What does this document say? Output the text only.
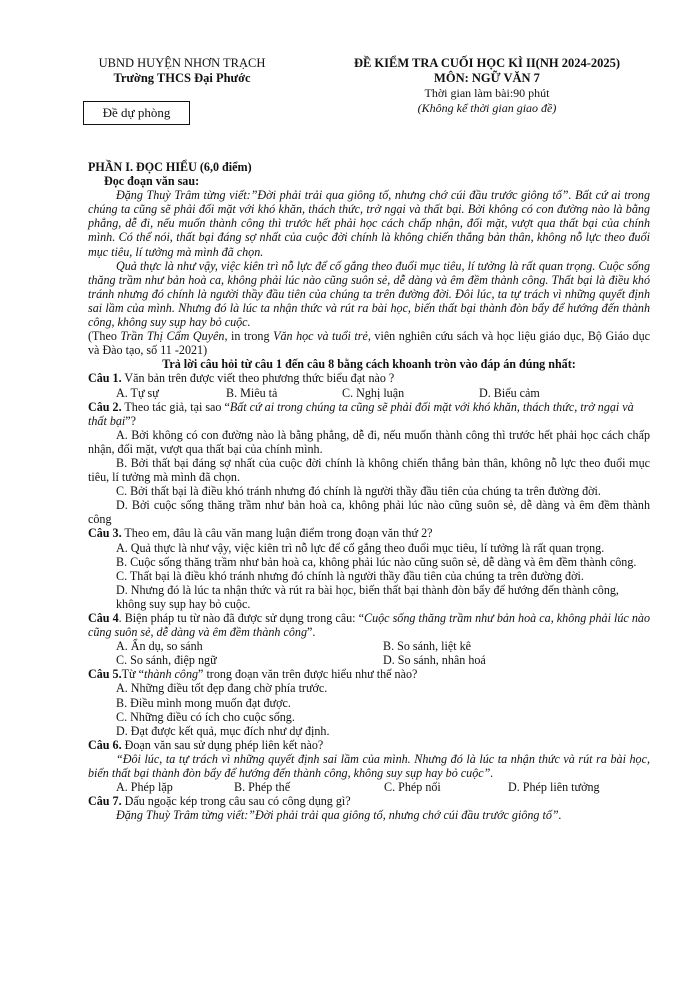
UBND HUYỆN NHƠN TRẠCH
Trường THCS Đại Phước
ĐỀ KIỂM TRA CUỐI HỌC KÌ II(NH 2024-2025)
MÔN: NGỮ VĂN 7
Thời gian làm bài:90 phút
(Không kể thời gian giao đề)
Đề dự phòng

PHẦN I. ĐỌC HIỂU (6,0 điểm)

Đọc đoạn văn sau:

Đặng Thuỳ Trâm từng viết:”Đời phải trải qua giông tố, nhưng chớ cúi đầu trước giông tố”. Bất cứ ai trong chúng ta cũng sẽ phải đối mặt với khó khăn, thách thức, trở ngại và thất bại. Bởi không có con đường nào là bằng phẳng, dễ đi, nếu muốn thành công thì trước hết phải học cách chấp nhận, đối mặt, vượt qua thất bại của chính mình. Có thể nói, thất bại đáng sợ nhất của cuộc đời chính là không chiến thắng bản thân, không nỗ lực theo đuổi mục tiêu, lí tưởng mà mình đã chọn.

Quả thực là như vậy, việc kiên trì nỗ lực để cố gắng theo đuổi mục tiêu, lí tưởng là rất quan trọng. Cuộc sống thăng trầm như bản hoà ca, không phải lúc nào cũng suôn sẻ, dễ dàng và êm đềm thành công. Thất bại là điều khó tránh nhưng đó chính là người thầy đầu tiên của chúng ta trên đường đời. Đôi lúc, ta tự trách vì những quyết định sai lầm của mình. Nhưng đó là lúc ta nhận thức và rút ra bài học, biến thất bại thành đòn bẩy để hướng đến thành công, không suy sụp hay bỏ cuộc.

(Theo Trần Thị Cẩm Quyên, in trong Văn học và tuổi trẻ, viên nghiên cứu sách và học liệu giáo dục, Bộ Giáo dục và Đào tạo, số 11 -2021)

Trả lời câu hỏi từ câu 1 đến câu 8 bằng cách khoanh tròn vào đáp án đúng nhất:

Câu 1. Văn bản trên được viết theo phương thức biểu đạt nào ?

A. Tự sự	B. Miêu tả	C. Nghị luận	D. Biểu cảm

Câu 2. Theo tác giả, tại sao “Bất cứ ai trong chúng ta cũng sẽ phải đối mặt với khó khăn, thách thức, trở ngại và thất bại”?

A. Bởi không có con đường nào là bằng phẳng, dễ đi, nếu muốn thành công thì trước hết phải học cách chấp nhận, đối mặt, vượt qua thất bại của chính mình.

B. Bởi thất bại đáng sợ nhất của cuộc đời chính là không chiến thắng bản thân, không nỗ lực theo đuổi mục tiêu, lí tưởng mà mình đã chọn.

C. Bởi thất bại là điều khó tránh nhưng đó chính là người thầy đầu tiên của chúng ta trên đường đời.

D. Bởi cuộc sống thăng trầm như bản hoà ca, không phải lúc nào cũng suôn sẻ, dễ dàng và êm đềm thành công

Câu 3. Theo em, đâu là câu văn mang luận điểm trong đoạn văn thứ 2?

A. Quả thực là như vậy, việc kiên trì nỗ lực để cố gắng theo đuổi mục tiêu, lí tưởng là rất quan trọng.

B. Cuộc sống thăng trầm như bản hoà ca, không phải lúc nào cũng suôn sẻ, dễ dàng và êm đềm thành công.

C. Thất bại là điều khó tránh nhưng đó chính là người thầy đầu tiên của chúng ta trên đường đời.

D. Nhưng đó là lúc ta nhận thức và rút ra bài học, biến thất bại thành đòn bẩy để hướng đến thành công, không suy sụp hay bỏ cuộc.

Câu 4. Biện pháp tu từ nào đã được sử dụng trong câu: “Cuộc sống thăng trầm như bản hoà ca, không phải lúc nào cũng suôn sẻ, dễ dàng và êm đềm thành công”.

A. Ẩn dụ, so sánh	B. So sánh, liệt kê
C. So sánh, điệp ngữ	D. So sánh, nhân hoá

Câu 5.Từ “thành công” trong đoạn văn trên được hiểu như thế nào?

A. Những điều tốt đẹp đang chờ phía trước.

B. Điều mình mong muốn đạt được.

C. Những điều có ích cho cuộc sống.

D. Đạt được kết quả, mục đích như dự định.

Câu 6. Đoạn văn sau sử dụng phép liên kết nào?

“Đôi lúc, ta tự trách vì những quyết định sai lầm của mình. Nhưng đó là lúc ta nhận thức và rút ra bài học, biến thất bại thành đòn bẩy để hướng đến thành công, không suy sụp hay bỏ cuộc”.

A. Phép lặp	B. Phép thế	C. Phép nối	D. Phép liên tưởng

Câu 7. Dấu ngoặc kép trong câu sau có công dụng gì?

Đặng Thuỳ Trâm từng viết:”Đời phải trải qua giông tố, nhưng chớ cúi đầu trước giông tố”.
